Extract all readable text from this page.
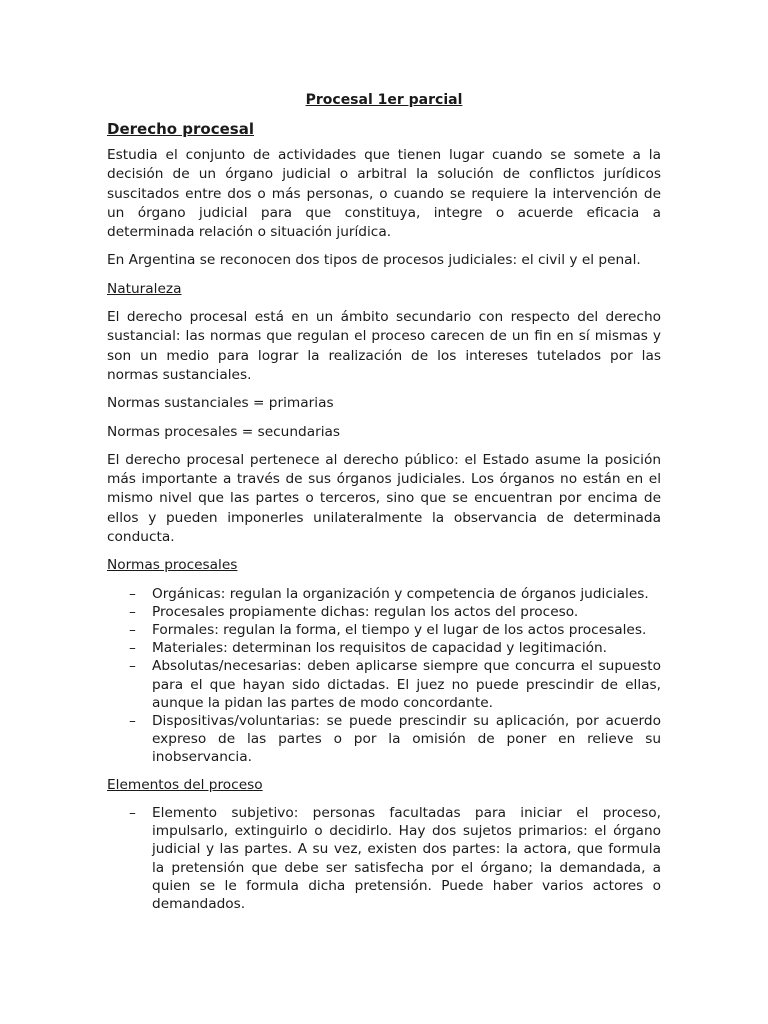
Procesal 1er parcial
Derecho procesal

Estudia el conjunto de actividades que tienen lugar cuando se somete a la decisión de un órgano judicial o arbitral la solución de conflictos jurídicos suscitados entre dos o más personas, o cuando se requiere la intervención de un órgano judicial para que constituya, integre o acuerde eficacia a determinada relación o situación jurídica.

En Argentina se reconocen dos tipos de procesos judiciales: el civil y el penal.

Naturaleza

El derecho procesal está en un ámbito secundario con respecto del derecho sustancial: las normas que regulan el proceso carecen de un fin en sí mismas y son un medio para lograr la realización de los intereses tutelados por las normas sustanciales.

Normas sustanciales = primarias

Normas procesales = secundarias

El derecho procesal pertenece al derecho público: el Estado asume la posición más importante a través de sus órganos judiciales. Los órganos no están en el mismo nivel que las partes o terceros, sino que se encuentran por encima de ellos y pueden imponerles unilateralmente la observancia de determinada conducta.

Normas procesales
– Orgánicas: regulan la organización y competencia de órganos judiciales.
– Procesales propiamente dichas: regulan los actos del proceso.
– Formales: regulan la forma, el tiempo y el lugar de los actos procesales.
– Materiales: determinan los requisitos de capacidad y legitimación.
– Absolutas/necesarias: deben aplicarse siempre que concurra el supuesto para el que hayan sido dictadas. El juez no puede prescindir de ellas, aunque la pidan las partes de modo concordante.
– Dispositivas/voluntarias: se puede prescindir su aplicación, por acuerdo expreso de las partes o por la omisión de poner en relieve su inobservancia.
Elementos del proceso
– Elemento subjetivo: personas facultadas para iniciar el proceso, impulsarlo, extinguirlo o decidirlo. Hay dos sujetos primarios: el órgano judicial y las partes. A su vez, existen dos partes: la actora, que formula la pretensión que debe ser satisfecha por el órgano; la demandada, a quien se le formula dicha pretensión. Puede haber varios actores o demandados.
